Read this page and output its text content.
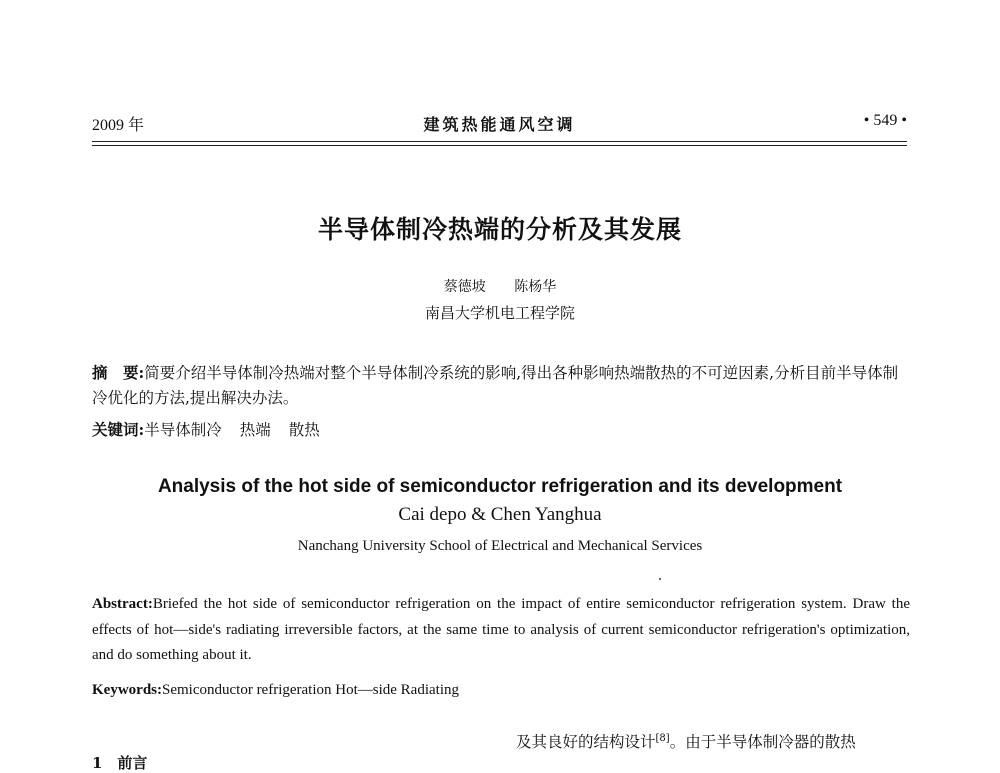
2009 年	建筑热能通风空调	• 549 •
半导体制冷热端的分析及其发展
蔡德坡 陈杨华
南昌大学机电工程学院
摘　要:简要介绍半导体制冷热端对整个半导体制冷系统的影响,得出各种影响热端散热的不可逆因素,分析目前半导体制冷优化的方法,提出解决办法。
关键词:半导体制冷 热端 散热
Analysis of the hot side of semiconductor refrigeration and its development
Cai depo & Chen Yanghua
Nanchang University School of Electrical and Mechanical Services
Abstract:Briefed the hot side of semiconductor refrigeration on the impact of entire semiconductor refrigeration system. Draw the effects of hot—side's radiating irreversible factors, at the same time to analysis of current semiconductor refrigeration's optimization, and do something about it.
Keywords:Semiconductor refrigeration Hot—side Radiating
及其良好的结构设计[8]。由于半导体制冷器的散热
1　前言
